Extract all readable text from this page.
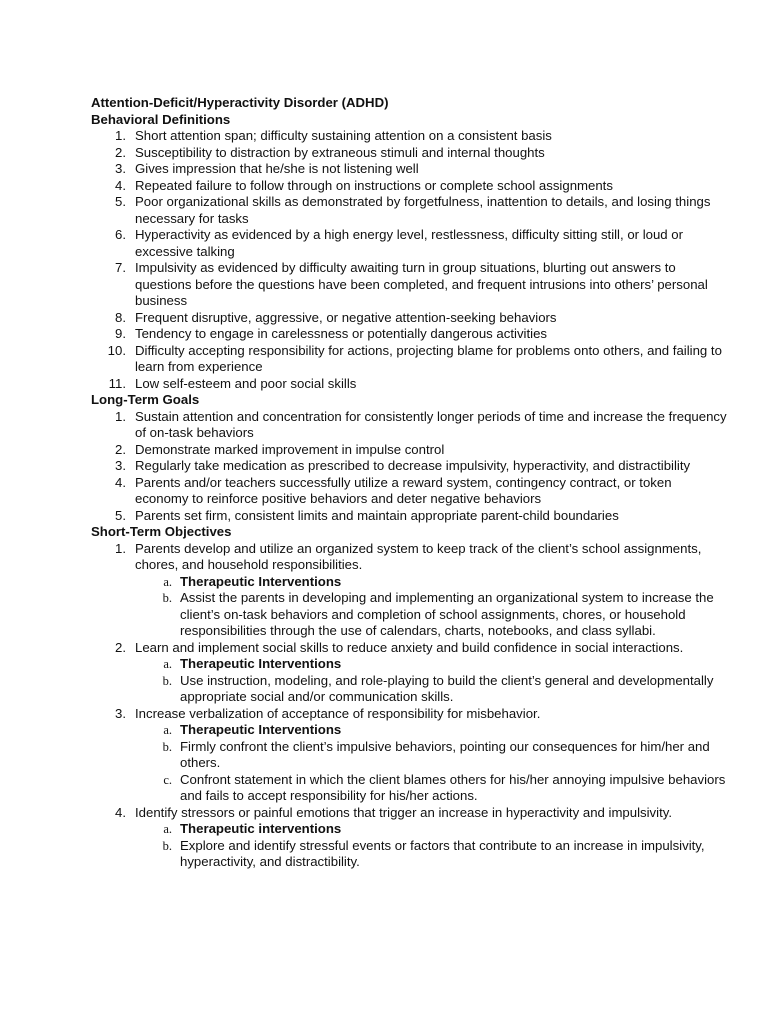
Attention-Deficit/Hyperactivity Disorder (ADHD)

Behavioral Definitions

1. Short attention span; difficulty sustaining attention on a consistent basis
2. Susceptibility to distraction by extraneous stimuli and internal thoughts
3. Gives impression that he/she is not listening well
4. Repeated failure to follow through on instructions or complete school assignments
5. Poor organizational skills as demonstrated by forgetfulness, inattention to details, and losing things necessary for tasks
6. Hyperactivity as evidenced by a high energy level, restlessness, difficulty sitting still, or loud or excessive talking
7. Impulsivity as evidenced by difficulty awaiting turn in group situations, blurting out answers to questions before the questions have been completed, and frequent intrusions into others’ personal business
8. Frequent disruptive, aggressive, or negative attention-seeking behaviors
9. Tendency to engage in carelessness or potentially dangerous activities
10. Difficulty accepting responsibility for actions, projecting blame for problems onto others, and failing to learn from experience
11. Low self-esteem and poor social skills

Long-Term Goals

1. Sustain attention and concentration for consistently longer periods of time and increase the frequency of on-task behaviors
2. Demonstrate marked improvement in impulse control
3. Regularly take medication as prescribed to decrease impulsivity, hyperactivity, and distractibility
4. Parents and/or teachers successfully utilize a reward system, contingency contract, or token economy to reinforce positive behaviors and deter negative behaviors
5. Parents set firm, consistent limits and maintain appropriate parent-child boundaries

Short-Term Objectives

1. Parents develop and utilize an organized system to keep track of the client’s school assignments, chores, and household responsibilities.
a. Therapeutic Interventions
b. Assist the parents in developing and implementing an organizational system to increase the client’s on-task behaviors and completion of school assignments, chores, or household responsibilities through the use of calendars, charts, notebooks, and class syllabi.
2. Learn and implement social skills to reduce anxiety and build confidence in social interactions.
a. Therapeutic Interventions
b. Use instruction, modeling, and role-playing to build the client’s general and developmentally appropriate social and/or communication skills.
3. Increase verbalization of acceptance of responsibility for misbehavior.
a. Therapeutic Interventions
b. Firmly confront the client’s impulsive behaviors, pointing our consequences for him/her and others.
c. Confront statement in which the client blames others for his/her annoying impulsive behaviors and fails to accept responsibility for his/her actions.
4. Identify stressors or painful emotions that trigger an increase in hyperactivity and impulsivity.
a. Therapeutic interventions
b. Explore and identify stressful events or factors that contribute to an increase in impulsivity, hyperactivity, and distractibility.
